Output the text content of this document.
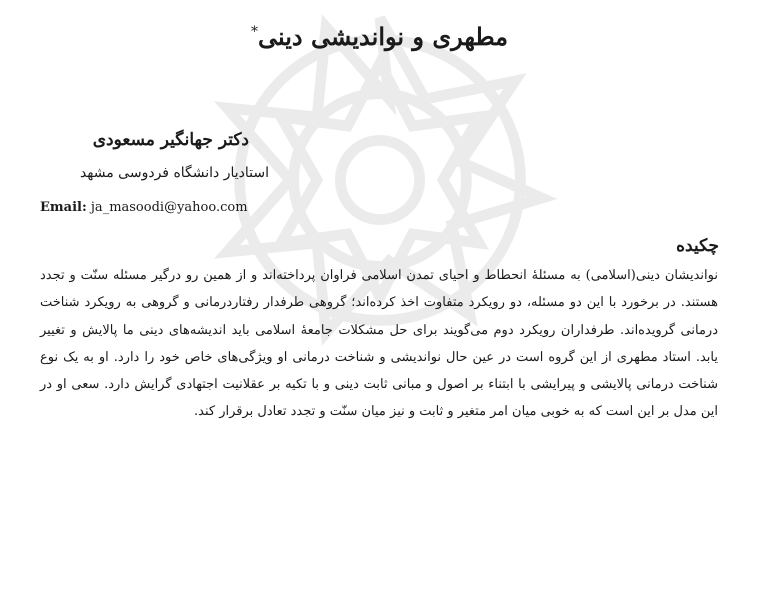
مطهری و نواندیشی دینی*
دکتر جهانگیر مسعودی
استادیار دانشگاه فردوسی مشهد
Email: ja_masoodi@yahoo.com
چکیده
نواندیشان دینی(اسلامی) به مسئلهٔ انحطاط و احیای تمدن اسلامی فراوان پرداخته‌اند و از همین رو درگیر مسئله سنّت و تجدد هستند. در برخورد با این دو مسئله، دو رویکرد متفاوت اخذ کرده‌اند؛ گروهی طرفدار رفتاردرمانی و گروهی به رویکرد شناخت درمانی گرویده‌اند. طرفداران رویکرد دوم می‌گویند برای حل مشکلات جامعهٔ اسلامی باید اندیشه‌های دینی ما پالایش و تغییر یابد. استاد مطهری از این گروه است در عین حال نواندیشی و شناخت درمانی او ویژگی‌های خاص خود را دارد. او به یک نوع شناخت درمانی پالایشی و پیرایشی با ابتناء بر اصول و مبانی ثابت دینی و با تکیه بر عقلانیت اجتهادی گرایش دارد. سعی او در این مدل بر این است که به خوبی میان امر متغیر و ثابت و نیز میان سنّت و تجدد تعادل برقرار کند.
